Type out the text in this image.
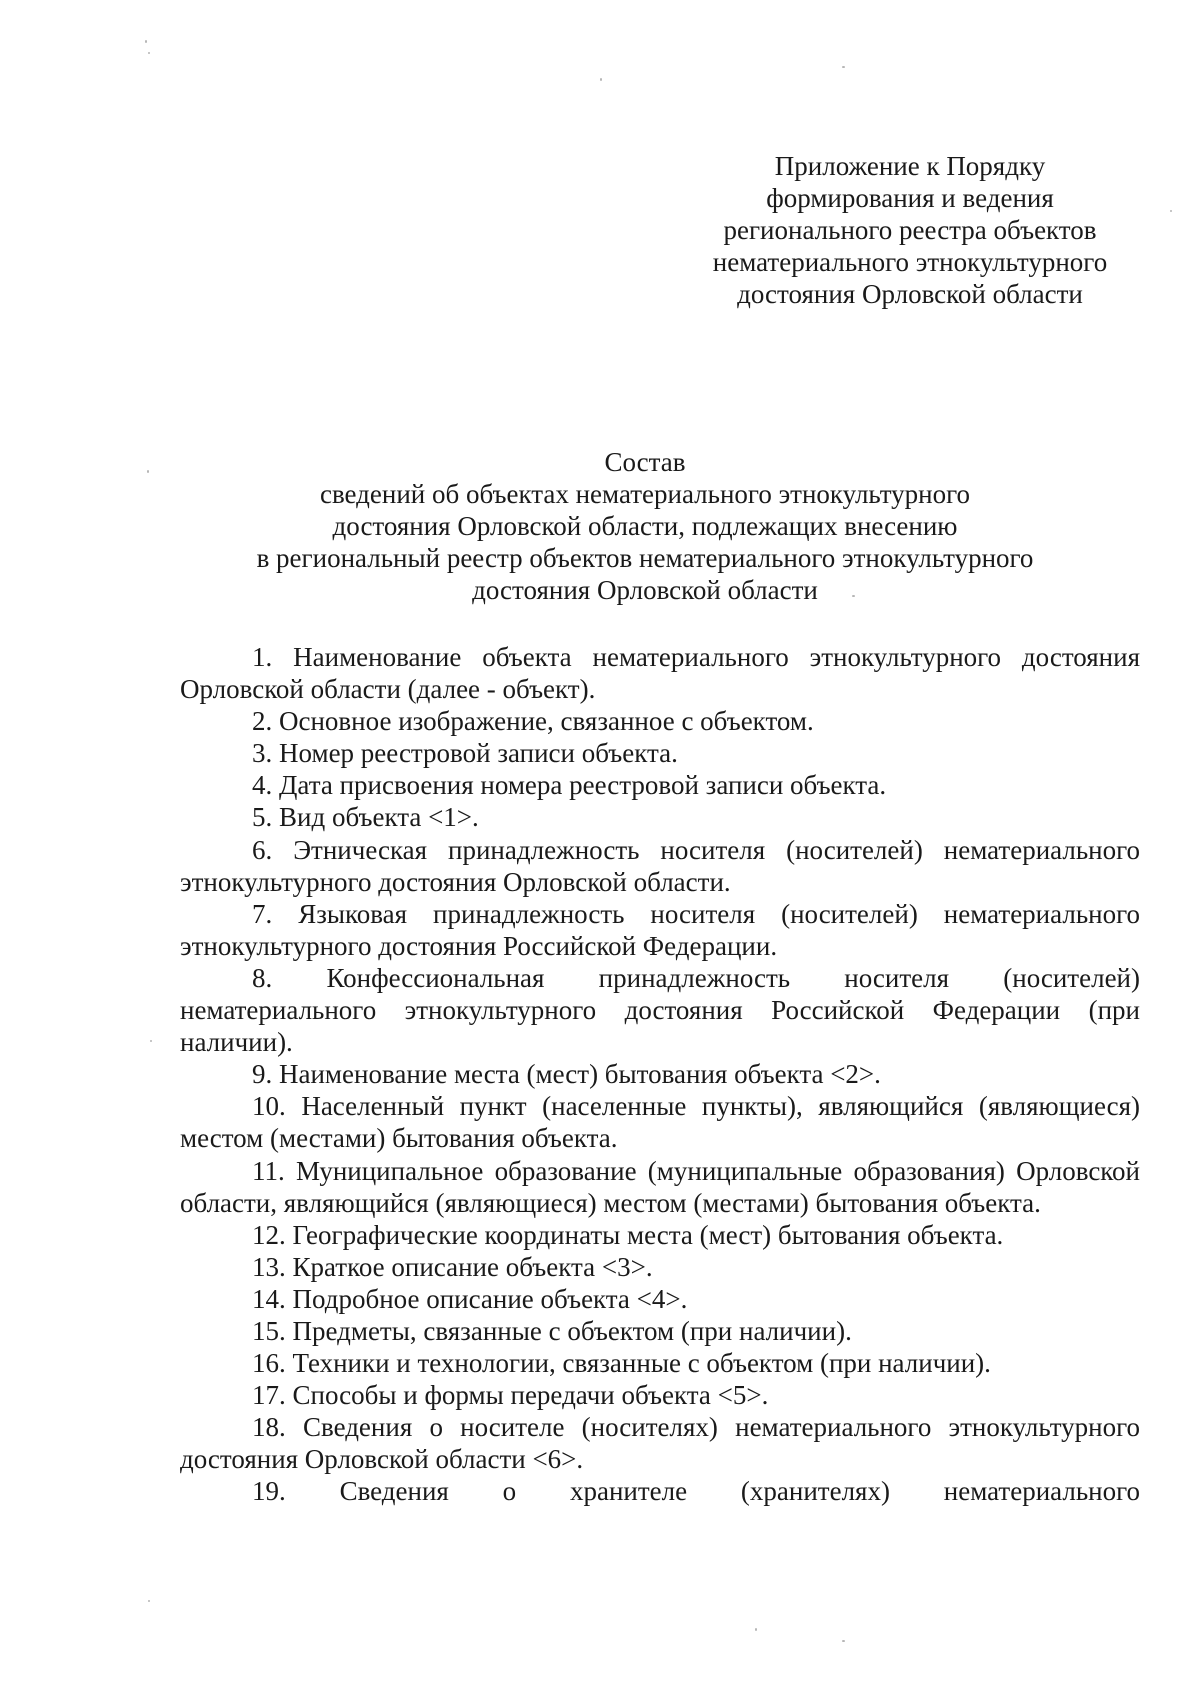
Приложение к Порядку
формирования и ведения
регионального реестра объектов
нематериального этнокультурного
достояния Орловской области
Состав
сведений об объектах нематериального этнокультурного
достояния Орловской области, подлежащих внесению
в региональный реестр объектов нематериального этнокультурного
достояния Орловской области

1. Наименование объекта нематериального этнокультурного достояния Орловской области (далее - объект).

2. Основное изображение, связанное с объектом.

3. Номер реестровой записи объекта.

4. Дата присвоения номера реестровой записи объекта.

5. Вид объекта <1>.

6. Этническая принадлежность носителя (носителей) нематериального этнокультурного достояния Орловской области.

7. Языковая принадлежность носителя (носителей) нематериального этнокультурного достояния Российской Федерации.

8. Конфессиональная принадлежность носителя (носителей) нематериального этнокультурного достояния Российской Федерации (при наличии).

9. Наименование места (мест) бытования объекта <2>.

10. Населенный пункт (населенные пункты), являющийся (являющиеся) местом (местами) бытования объекта.

11. Муниципальное образование (муниципальные образования) Орловской области, являющийся (являющиеся) местом (местами) бытования объекта.

12. Географические координаты места (мест) бытования объекта.

13. Краткое описание объекта <3>.

14. Подробное описание объекта <4>.

15. Предметы, связанные с объектом (при наличии).

16. Техники и технологии, связанные с объектом (при наличии).

17. Способы и формы передачи объекта <5>.

18. Сведения о носителе (носителях) нематериального этнокультурного достояния Орловской области <6>.

19. Сведения о хранителе (хранителях) нематериального
